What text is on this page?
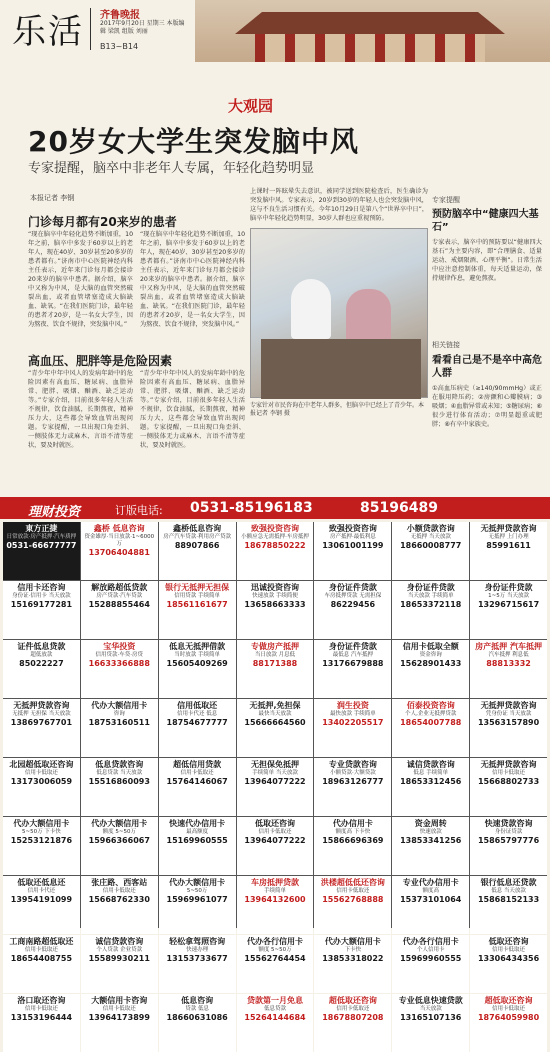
乐活 齐鲁晚报
2017年9月20日 星期三 本版编辑 梁凯 组版 刘丽
B13~B14
大观园
20岁女大学生突发脑中风
专家提醒，脑卒中非老年人专属，年轻化趋势明显
本报记者 李钢
上课时一阵眩晕失去意识，被同学送到医院检查后，医生确诊为突发脑中风。专家表示，20岁到30岁的年轻人也会突发脑中风，这与不良生活习惯有关。今年10月29日是第八个“世界卒中日”，脑卒中年轻化趋势明显，30岁人群也应重视预防。
门诊每月都有20来岁的患者
“现在脑卒中年轻化趋势不断加重，10年之前，脑卒中多发于60岁以上的老年人，现在40岁、30岁甚至20多岁的患者都有。”济南市中心医院神经内科主任表示，近年来门诊每月都会接诊20来岁的脑卒中患者。据介绍，脑卒中又称为中风，是大脑的血管突然破裂出血，或者血管堵塞造成大脑缺血、缺氧。“在我们医院门诊，最年轻的患者才20岁，是一名女大学生，因为熬夜、饮食不规律，突发脑中风。”
“现在脑卒中年轻化趋势不断加重，10年之前，脑卒中多发于60岁以上的老年人，现在40岁、30岁甚至20多岁的患者都有。”济南市中心医院神经内科主任表示，近年来门诊每月都会接诊20来岁的脑卒中患者。据介绍，脑卒中又称为中风，是大脑的血管突然破裂出血，或者血管堵塞造成大脑缺血、缺氧。“在我们医院门诊，最年轻的患者才20岁，是一名女大学生，因为熬夜、饮食不规律，突发脑中风。”
高血压、肥胖等是危险因素
“青少年中年中风人的发病年龄中的危险因素有高血压、糖尿病、血脂异常、肥胖、吸烟、酗酒、缺乏运动等。”专家介绍，目前很多年轻人生活不规律，饮食油腻，长期熬夜，精神压力大，这些都会导致血管出现问题。专家提醒，一旦出现口角歪斜、一侧肢体无力或麻木、言语不清等症状，要及时就医。
“青少年中年中风人的发病年龄中的危险因素有高血压、糖尿病、血脂异常、肥胖、吸烟、酗酒、缺乏运动等。”专家介绍，目前很多年轻人生活不规律，饮食油腻，长期熬夜，精神压力大，这些都会导致血管出现问题。专家提醒，一旦出现口角歪斜、一侧肢体无力或麻木、言语不清等症状，要及时就医。
专家针对市民咨询在中老年人群多，但脑卒中已经上了青少年。本报记者 李钢 摄
专家提醒
预防脑卒中“健康四大基石”
专家表示，脑卒中的预防要以“健康四大基石”为主要内容，即“合理膳食、适量运动、戒烟限酒、心理平衡”。日常生活中应注意控制体重，每天适量运动，保持规律作息，避免熬夜。
相关链接
看看自己是不是卒中高危人群
①高血压病史（≥140/90mmHg）或正在服用降压药；②房颤和心瓣膜病；③吸烟；④血脂异常或未知；⑤糖尿病；⑥很少进行体育活动；⑦明显超重或肥胖；⑧有卒中家族史。
理财投资	订版电话: 0531-85196183	85196489
東方正捷
日常放款·房产抵押·汽车质押
0531-66677777
鑫桥 低息咨询
资金雄厚·当日放款·1~6000万
13706404881
鑫桥低息咨询
房产汽车贷款·利用房产贷款
88907866
致强投资咨询
小额应急无需抵押·车房抵押
18678850222
致强投资咨询
房产抵押·最低利息
13061001199
小额贷款咨询
无抵押 当天放款
18660008777
无抵押贷款咨询
无抵押 上门办理
85991611
信用卡还咨询
身份证·信用卡 当天放款
15169177281
解放路超低贷款
房产贷款·汽车贷款
15288855464
银行无抵押无担保
信用贷款 手续简单
18561161677
迅诚投资咨询
快速放款 手续简便
13658663333
身份证件贷款
车房抵押贷款 无需担保
86229456
身份证件贷款
当天放款 手续简单
18653372118
身份证件贷款
1~5万 当天放款
13296715617
证件低息贷款
超低放款
85022227
宝华投资
信用贷款·车贷·房贷
16633366888
低息无抵押借款
当时放款 手续简单
15605409269
专做房产抵押
当日放款 月息低
88171388
身份证件贷款
最低息 汽车抵押
13176679888
信用卡低取全额
资金咨询
15628901433
房产抵押 汽车抵押
汽车抵押 利息低
88813332
无抵押贷款咨询
无抵押 无担保 当天放款
13869767701
代办大额信用卡
咨询
18753160511
信用低取还
信用卡代还 低息
18754677777
无抵押,免担保
最快当天放款
15666664560
润生投资
最快放款 手续简单
13402205517
佰泰投资咨询
个人,企业无抵押贷款
18654007788
无抵押贷款咨询
凭身份证 当天放款
13563157890
北园超低取还咨询
信用卡低取还
13173006059
低息贷款咨询
低息贷款 当天放款
15516860093
超低信用贷款
信用卡低取还
15764146067
无担保免抵押
手续简单 当天放款
13964077222
专业贷款咨询
小额贷款·大额贷款
18963126777
诚信贷款咨询
低息 手续简单
18653312456
无抵押贷款咨询
信用卡低取还
15668802733
代办大额信用卡
5~50万 下卡快
15253121876
代办大额信用卡
额度 5~50万
15966366067
快速代办信用卡
最高额度
15169960555
低取还咨询
信用卡低取还
13964077222
代办信用卡
额度高 下卡快
15866696369
资金周转
快速放款
13853341256
快速贷款咨询
身份证贷款
15865797776
低取还低息还
信用卡代还
13954191099
张庄路、西客站
信用卡低取还
15668762330
代办大额信用卡
5~50万
15969961077
车房抵押贷款
手续简单
13964132600
洪楼超低低还咨询
信用卡低取还
15562768888
专业代办信用卡
额度高
15373101064
银行低息还贷款
低息 当天放款
15868152133
工商南路超低取还
信用卡低取还
18654408755
诚信贷款咨询
个人贷款 企业贷款
15589930211
轻松拿驾照咨询
快速办理
13153733677
代办各行信用卡
额度 5~50万
15562764454
代办大额信用卡
下卡快
13853318022
代办各行信用卡
个人信用卡
15969960555
低取还咨询
信用卡低取还
13306434356
洛口取还咨询
信用卡低取还
13153196444
大额信用卡咨询
信用卡低取还
13964173899
低息咨询
贷款 低息
18660631086
贷款第一月免息
低息贷款
15264144684
超低取还咨询
信用卡低取还
18678807208
专业低息快速贷款
当天放款
13165107136
超低取还咨询
信用卡低取还
18764059980
